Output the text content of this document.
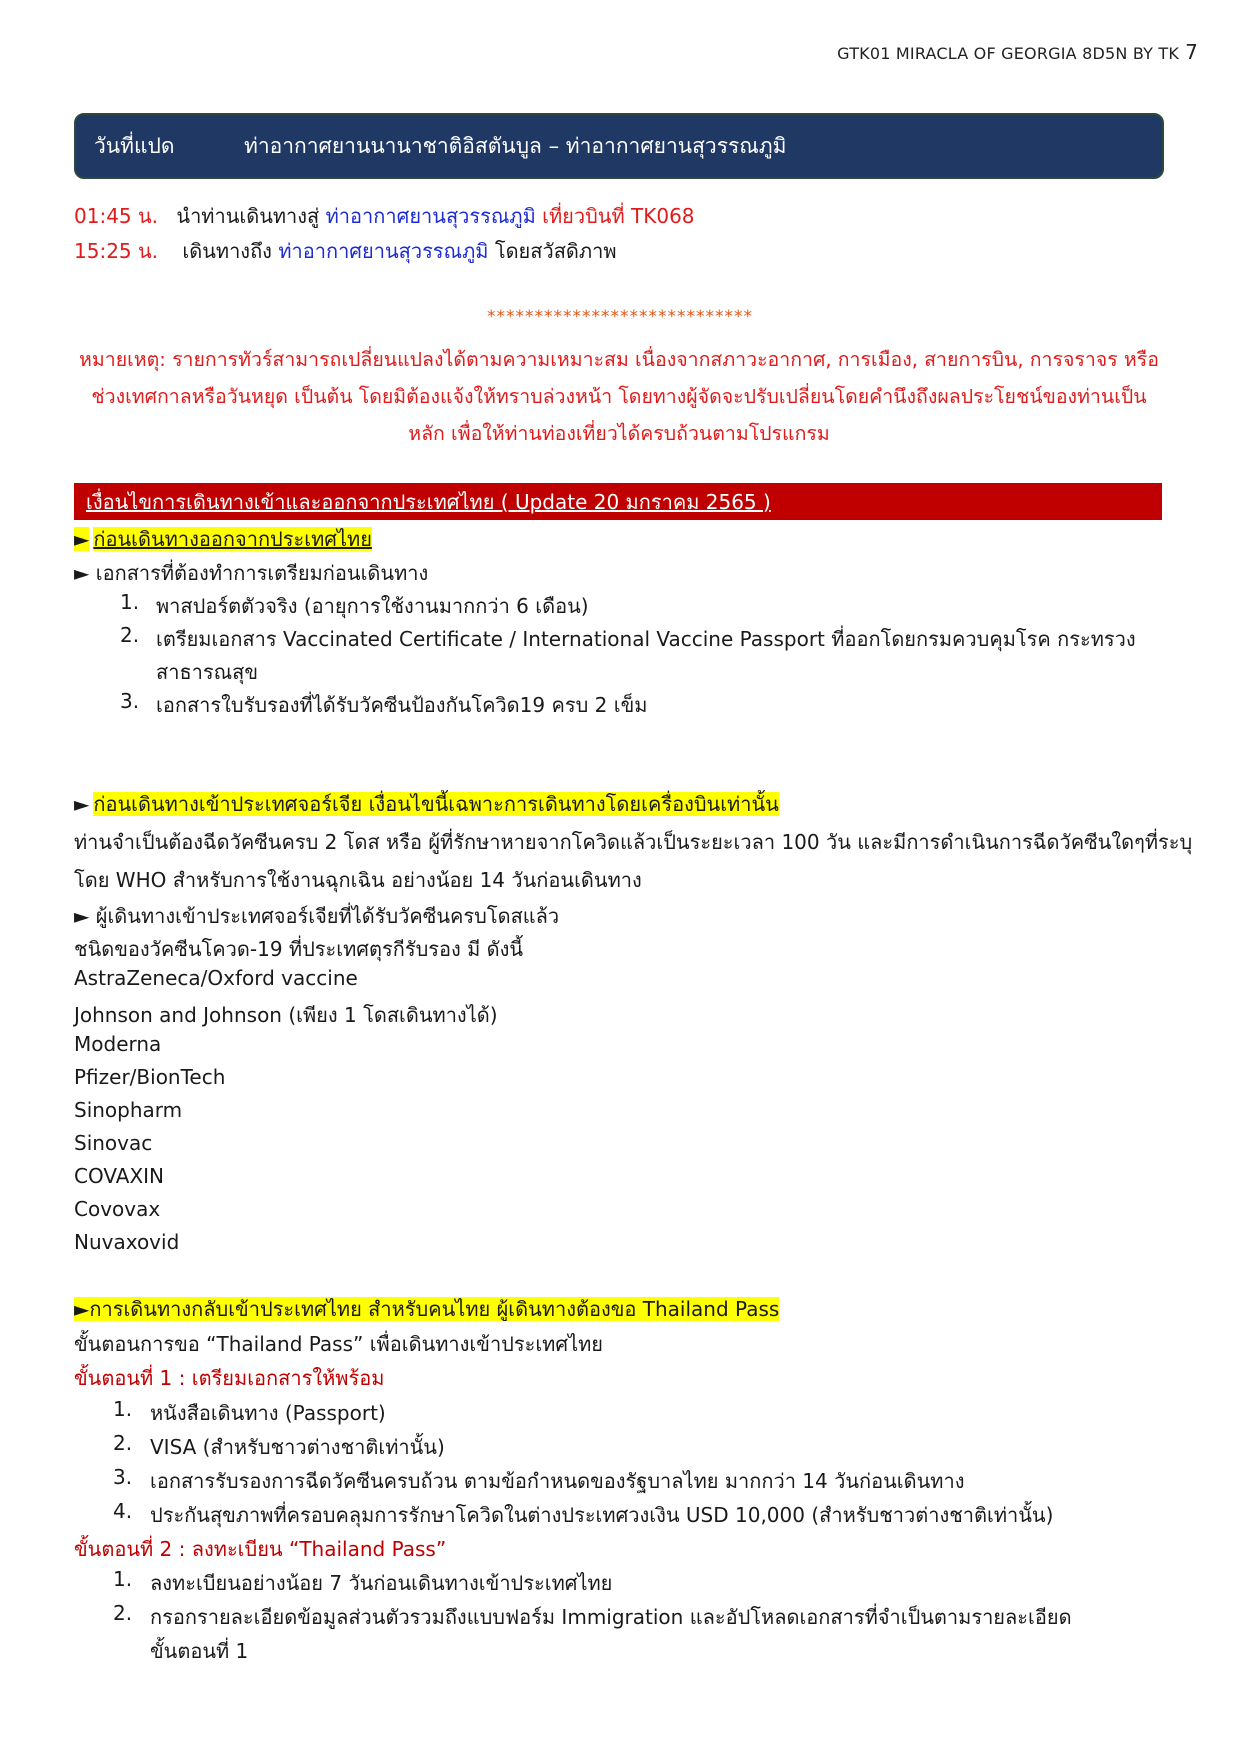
GTK01 MIRACLA OF GEORGIA 8D5N BY TK 7
วันที่แปด	ท่าอากาศยานนานาชาติอิสตันบูล – ท่าอากาศยานสุวรรณภูมิ
01:45 น. นำท่านเดินทางสู่ ท่าอากาศยานสุวรรณภูมิ เที่ยวบินที่ TK068
15:25 น. เดินทางถึง ท่าอากาศยานสุวรรณภูมิ โดยสวัสดิภาพ
****************************
หมายเหตุ: รายการทัวร์สามารถเปลี่ยนแปลงได้ตามความเหมาะสม เนื่องจากสภาวะอากาศ, การเมือง, สายการบิน, การจราจร หรือ
ช่วงเทศกาลหรือวันหยุด เป็นต้น โดยมิต้องแจ้งให้ทราบล่วงหน้า โดยทางผู้จัดจะปรับเปลี่ยนโดยคำนึงถึงผลประโยชน์ของท่านเป็น
หลัก เพื่อให้ท่านท่องเที่ยวได้ครบถ้วนตามโปรแกรม
เงื่อนไขการเดินทางเข้าและออกจากประเทศไทย ( Update 20 มกราคม 2565 )
► ก่อนเดินทางออกจากประเทศไทย
► เอกสารที่ต้องทำการเตรียมก่อนเดินทาง
1. พาสปอร์ตตัวจริง (อายุการใช้งานมากกว่า 6 เดือน)
2. เตรียมเอกสาร Vaccinated Certificate / International Vaccine Passport ที่ออกโดยกรมควบคุมโรค กระทรวง
สาธารณสุข
3. เอกสารใบรับรองที่ได้รับวัคซีนป้องกันโควิด19 ครบ 2 เข็ม
► ก่อนเดินทางเข้าประเทศจอร์เจีย เงื่อนไขนี้เฉพาะการเดินทางโดยเครื่องบินเท่านั้น
ท่านจำเป็นต้องฉีดวัคซีนครบ 2 โดส หรือ ผู้ที่รักษาหายจากโควิดแล้วเป็นระยะเวลา 100 วัน และมีการดำเนินการฉีดวัคซีนใดๆที่ระบุ
โดย WHO สำหรับการใช้งานฉุกเฉิน อย่างน้อย 14 วันก่อนเดินทาง
► ผู้เดินทางเข้าประเทศจอร์เจียที่ได้รับวัคซีนครบโดสแล้ว
ชนิดของวัคซีนโควด-19 ที่ประเทศตุรกีรับรอง มี ดังนี้
AstraZeneca/Oxford vaccine
Johnson and Johnson (เพียง 1 โดสเดินทางได้)
Moderna
Pfizer/BionTech
Sinopharm
Sinovac
COVAXIN
Covovax
Nuvaxovid
►การเดินทางกลับเข้าประเทศไทย สำหรับคนไทย ผู้เดินทางต้องขอ Thailand Pass
ขั้นตอนการขอ “Thailand Pass” เพื่อเดินทางเข้าประเทศไทย
ขั้นตอนที่ 1 : เตรียมเอกสารให้พร้อม
1. หนังสือเดินทาง (Passport)
2. VISA (สำหรับชาวต่างชาติเท่านั้น)
3. เอกสารรับรองการฉีดวัคซีนครบถ้วน ตามข้อกำหนดของรัฐบาลไทย มากกว่า 14 วันก่อนเดินทาง
4. ประกันสุขภาพที่ครอบคลุมการรักษาโควิดในต่างประเทศวงเงิน USD 10,000 (สำหรับชาวต่างชาติเท่านั้น)
ขั้นตอนที่ 2 : ลงทะเบียน “Thailand Pass”
1. ลงทะเบียนอย่างน้อย 7 วันก่อนเดินทางเข้าประเทศไทย
2. กรอกรายละเอียดข้อมูลส่วนตัวรวมถึงแบบฟอร์ม Immigration และอัปโหลดเอกสารที่จำเป็นตามรายละเอียด
ขั้นตอนที่ 1
